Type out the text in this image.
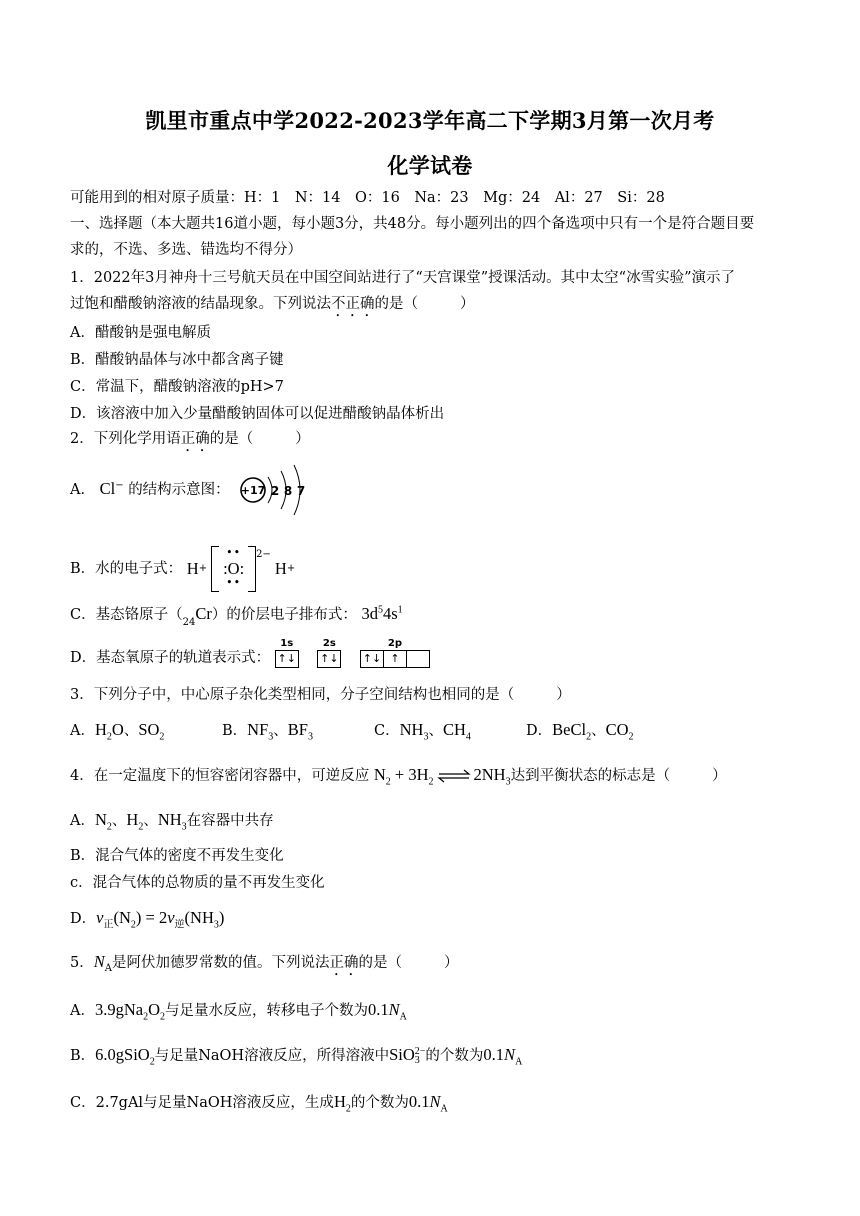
凯里市重点中学2022-2023学年高二下学期3月第一次月考
化学试卷
可能用到的相对原子质量：H：1　N：14　O：16　Na：23　Mg：24　Al：27　Si：28
一、选择题（本大题共16道小题，每小题3分，共48分。每小题列出的四个备选项中只有一个是符合题目要
求的，不选、多选、错选均不得分）
1．2022年3月神舟十三号航天员在中国空间站进行了“天宫课堂”授课活动。其中太空“冰雪实验”演示了
过饱和醋酸钠溶液的结晶现象。下列说法不正确的是（	）
A．醋酸钠是强电解质
B．醋酸钠晶体与冰中都含离子键
C．常温下，醋酸钠溶液的pH>7
D．该溶液中加入少量醋酸钠固体可以促进醋酸钠晶体析出
2．下列化学用语正确的是（	）
A． Cl− 的结构示意图： +17 2 8 7
B．水的电子式： H +
••
:O:
••
$^{2-}$
H +
C．基态铬原子$(_{24}Cr)$的价层电子排布式： $3d^54s^1$
D．基态氧原子的轨道表示式：
1s
↑↓

2s
↑↓

2p
↑↓ ↑
3．下列分子中，中心原子杂化类型相同，分子空间结构也相同的是（	）
A．$H_2O$、$SO_2$	B．$NF_3$、$BF_3$	C．$NH_3$、$CH_4$	D．BeCl$_2$、$CO_2$
4．在一定温度下的恒容密闭容器中，可逆反应 $N_2 + 3H_2$ ⇌ $2NH_3$达到平衡状态的标志是（	）
A．$N_2$、$H_2$、$NH_3$在容器中共存
B．混合气体的密度不再发生变化
c．混合气体的总物质的量不再发生变化
D．$v_正(N_2) = 2v_逆(NH_3)$
5．$N_A$是阿伏加德罗常数的值。下列说法正确的是（	）
A．$3.9gNa_2O_2$与足量水反应，转移电子个数为$0.1N_A$
B．6.0gSiO$_2$与足量NaOH溶液反应，所得溶液中SiO 2−
3 的个数为$0.1N_A$
C．2.7gAl与足量NaOH溶液反应，生成$H_2$的个数为$0.1N_A$
